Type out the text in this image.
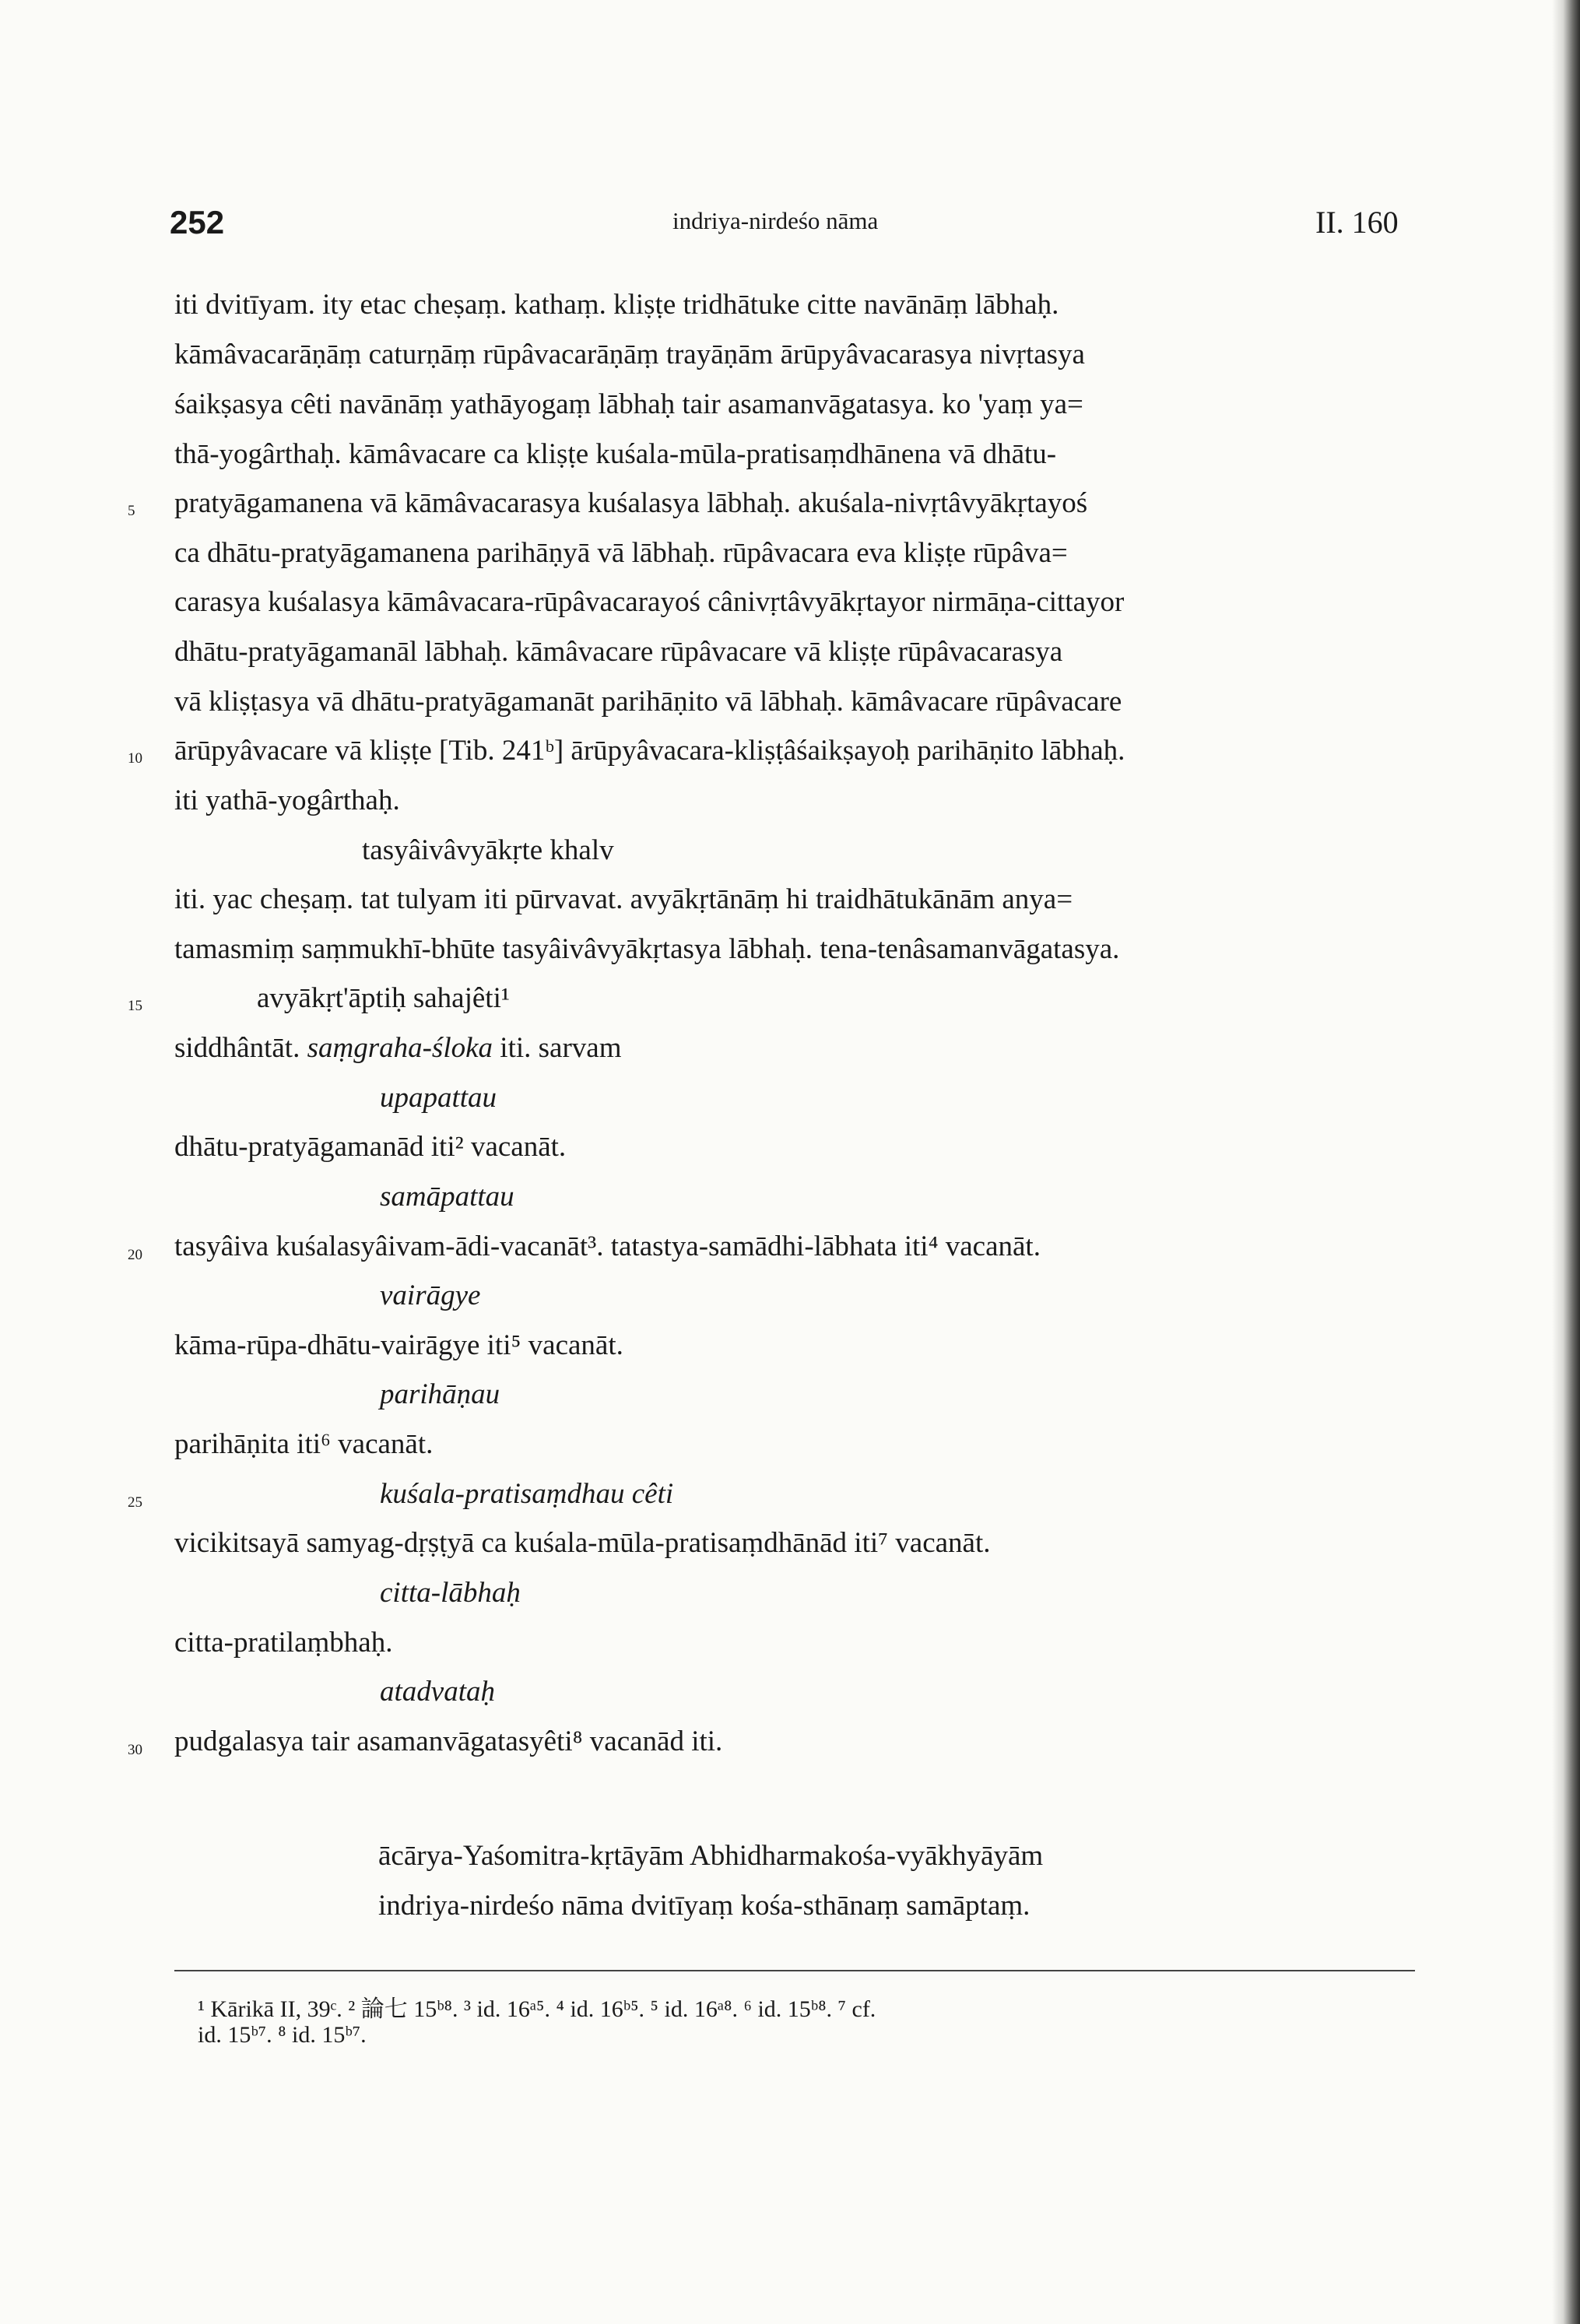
252	indriya-nirdeśo nāma	II. 160
5
10
15
20
25
30
iti dvitīyam. ity etac cheṣaṃ. kathaṃ. kliṣṭe tridhātuke citte navānāṃ lābhaḥ.
kāmâvacarāṇāṃ caturṇāṃ rūpâvacarāṇāṃ trayāṇām ārūpyâvacarasya nivṛtasya
śaikṣasya cêti navānāṃ yathāyogaṃ lābhaḥ tair asamanvāgatasya. ko 'yaṃ ya=
thā-yogârthaḥ. kāmâvacare ca kliṣṭe kuśala-mūla-pratisaṃdhānena vā dhātu-
pratyāgamanena vā kāmâvacarasya kuśalasya lābhaḥ. akuśala-nivṛtâvyākṛtayoś
ca dhātu-pratyāgamanena parihāṇyā vā lābhaḥ. rūpâvacara eva kliṣṭe rūpâva=
carasya kuśalasya kāmâvacara-rūpâvacarayoś cânivṛtâvyākṛtayor nirmāṇa-cittayor
dhātu-pratyāgamanāl lābhaḥ. kāmâvacare rūpâvacare vā kliṣṭe rūpâvacarasya
vā kliṣṭasya vā dhātu-pratyāgamanāt parihāṇito vā lābhaḥ. kāmâvacare rūpâvacare
ārūpyâvacare vā kliṣṭe [Tib. 241ᵇ] ārūpyâvacara-kliṣṭâśaikṣayoḥ parihāṇito lābhaḥ.
iti yathā-yogârthaḥ.
tasyâivâvyākṛte khalv
iti. yac cheṣaṃ. tat tulyam iti pūrvavat. avyākṛtānāṃ hi traidhātukānām anya=
tamasmiṃ saṃmukhī-bhūte tasyâivâvyākṛtasya lābhaḥ. tena-tenâsamanvāgatasya.
avyākṛt'āptiḥ sahajêti¹
siddhântāt. saṃgraha-śloka iti. sarvam
upapattau
dhātu-pratyāgamanād iti² vacanāt.
samāpattau
tasyâiva kuśalasyâivam-ādi-vacanāt³. tatastya-samādhi-lābhata iti⁴ vacanāt.
vairāgye
kāma-rūpa-dhātu-vairāgye iti⁵ vacanāt.
parihāṇau
parihāṇita iti⁶ vacanāt.
kuśala-pratisaṃdhau cêti
vicikitsayā samyag-dṛṣṭyā ca kuśala-mūla-pratisaṃdhānād iti⁷ vacanāt.
citta-lābhaḥ
citta-pratilaṃbhaḥ.
atadvataḥ
pudgalasya tair asamanvāgatasyêti⁸ vacanād iti.
ācārya-Yaśomitra-kṛtāyām Abhidharmakośa-vyākhyāyām
indriya-nirdeśo nāma dvitīyaṃ kośa-sthānaṃ samāptaṃ.
¹ Kārikā II, 39ᶜ. ² 論七 15ᵇ⁸. ³ id. 16ᵃ⁵. ⁴ id. 16ᵇ⁵. ⁵ id. 16ᵃ⁸. ⁶ id. 15ᵇ⁸. ⁷ cf.
id. 15ᵇ⁷. ⁸ id. 15ᵇ⁷.
